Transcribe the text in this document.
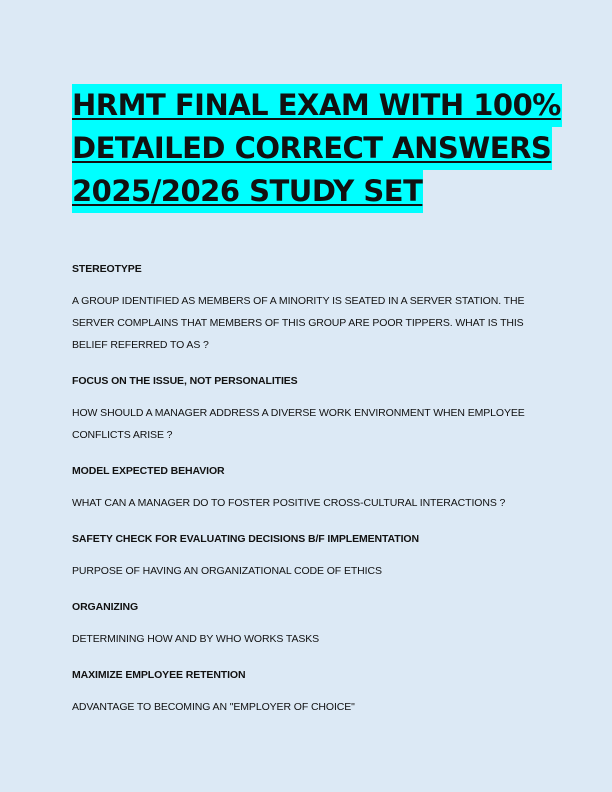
HRMT FINAL EXAM WITH 100%
DETAILED CORRECT ANSWERS
2025/2026 STUDY SET

STEREOTYPE

A GROUP IDENTIFIED AS MEMBERS OF A MINORITY IS SEATED IN A SERVER STATION. THE SERVER COMPLAINS THAT MEMBERS OF THIS GROUP ARE POOR TIPPERS. WHAT IS THIS BELIEF REFERRED TO AS ?

FOCUS ON THE ISSUE, NOT PERSONALITIES

HOW SHOULD A MANAGER ADDRESS A DIVERSE WORK ENVIRONMENT WHEN EMPLOYEE CONFLICTS ARISE ?

MODEL EXPECTED BEHAVIOR

WHAT CAN A MANAGER DO TO FOSTER POSITIVE CROSS-CULTURAL INTERACTIONS ?

SAFETY CHECK FOR EVALUATING DECISIONS B/F IMPLEMENTATION

PURPOSE OF HAVING AN ORGANIZATIONAL CODE OF ETHICS

ORGANIZING

DETERMINING HOW AND BY WHO WORKS TASKS

MAXIMIZE EMPLOYEE RETENTION

ADVANTAGE TO BECOMING AN "EMPLOYER OF CHOICE"
